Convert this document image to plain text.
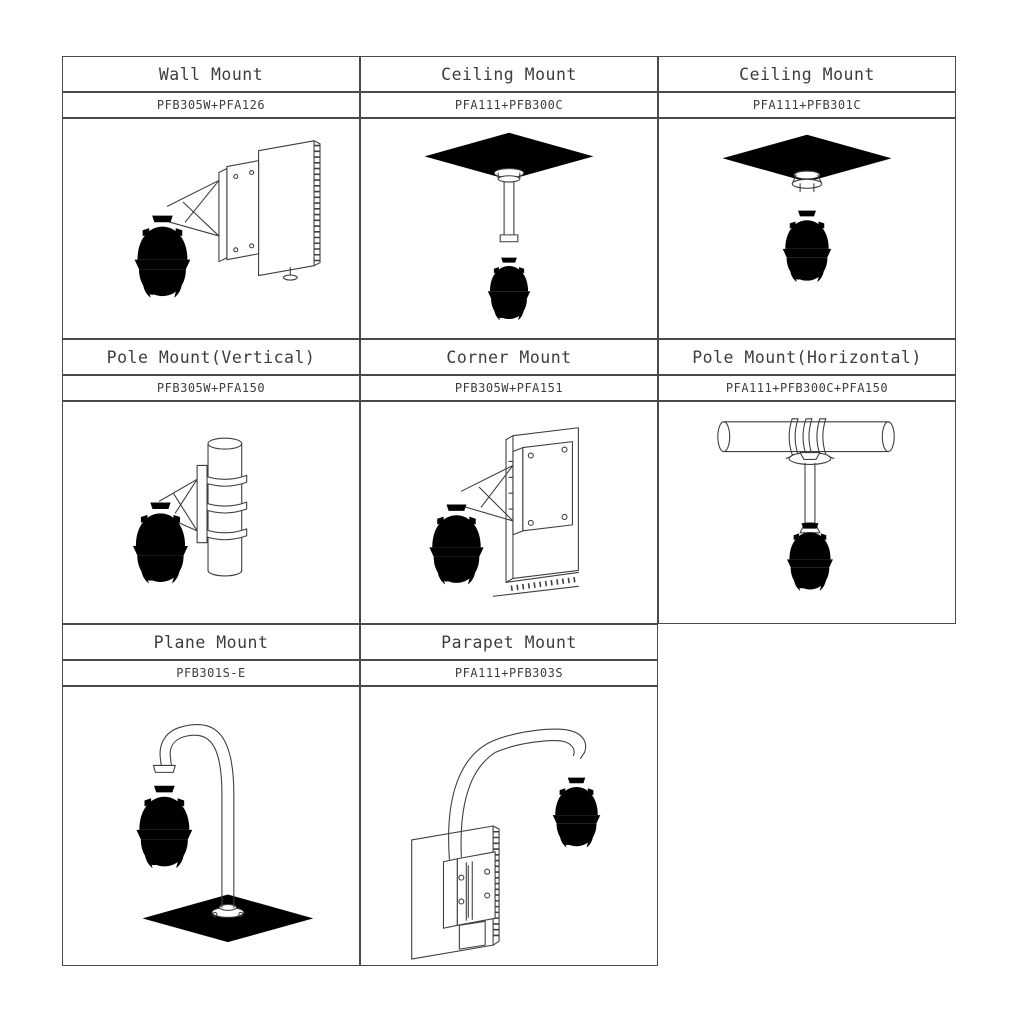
Wall Mount
PFB305W+PFA126
Ceiling Mount
PFA111+PFB300C
Ceiling Mount
PFA111+PFB301C
Pole Mount(Vertical)
PFB305W+PFA150
Corner Mount
PFB305W+PFA151
Pole Mount(Horizontal)
PFA111+PFB300C+PFA150
Plane Mount
PFB301S-E
Parapet Mount
PFA111+PFB303S
